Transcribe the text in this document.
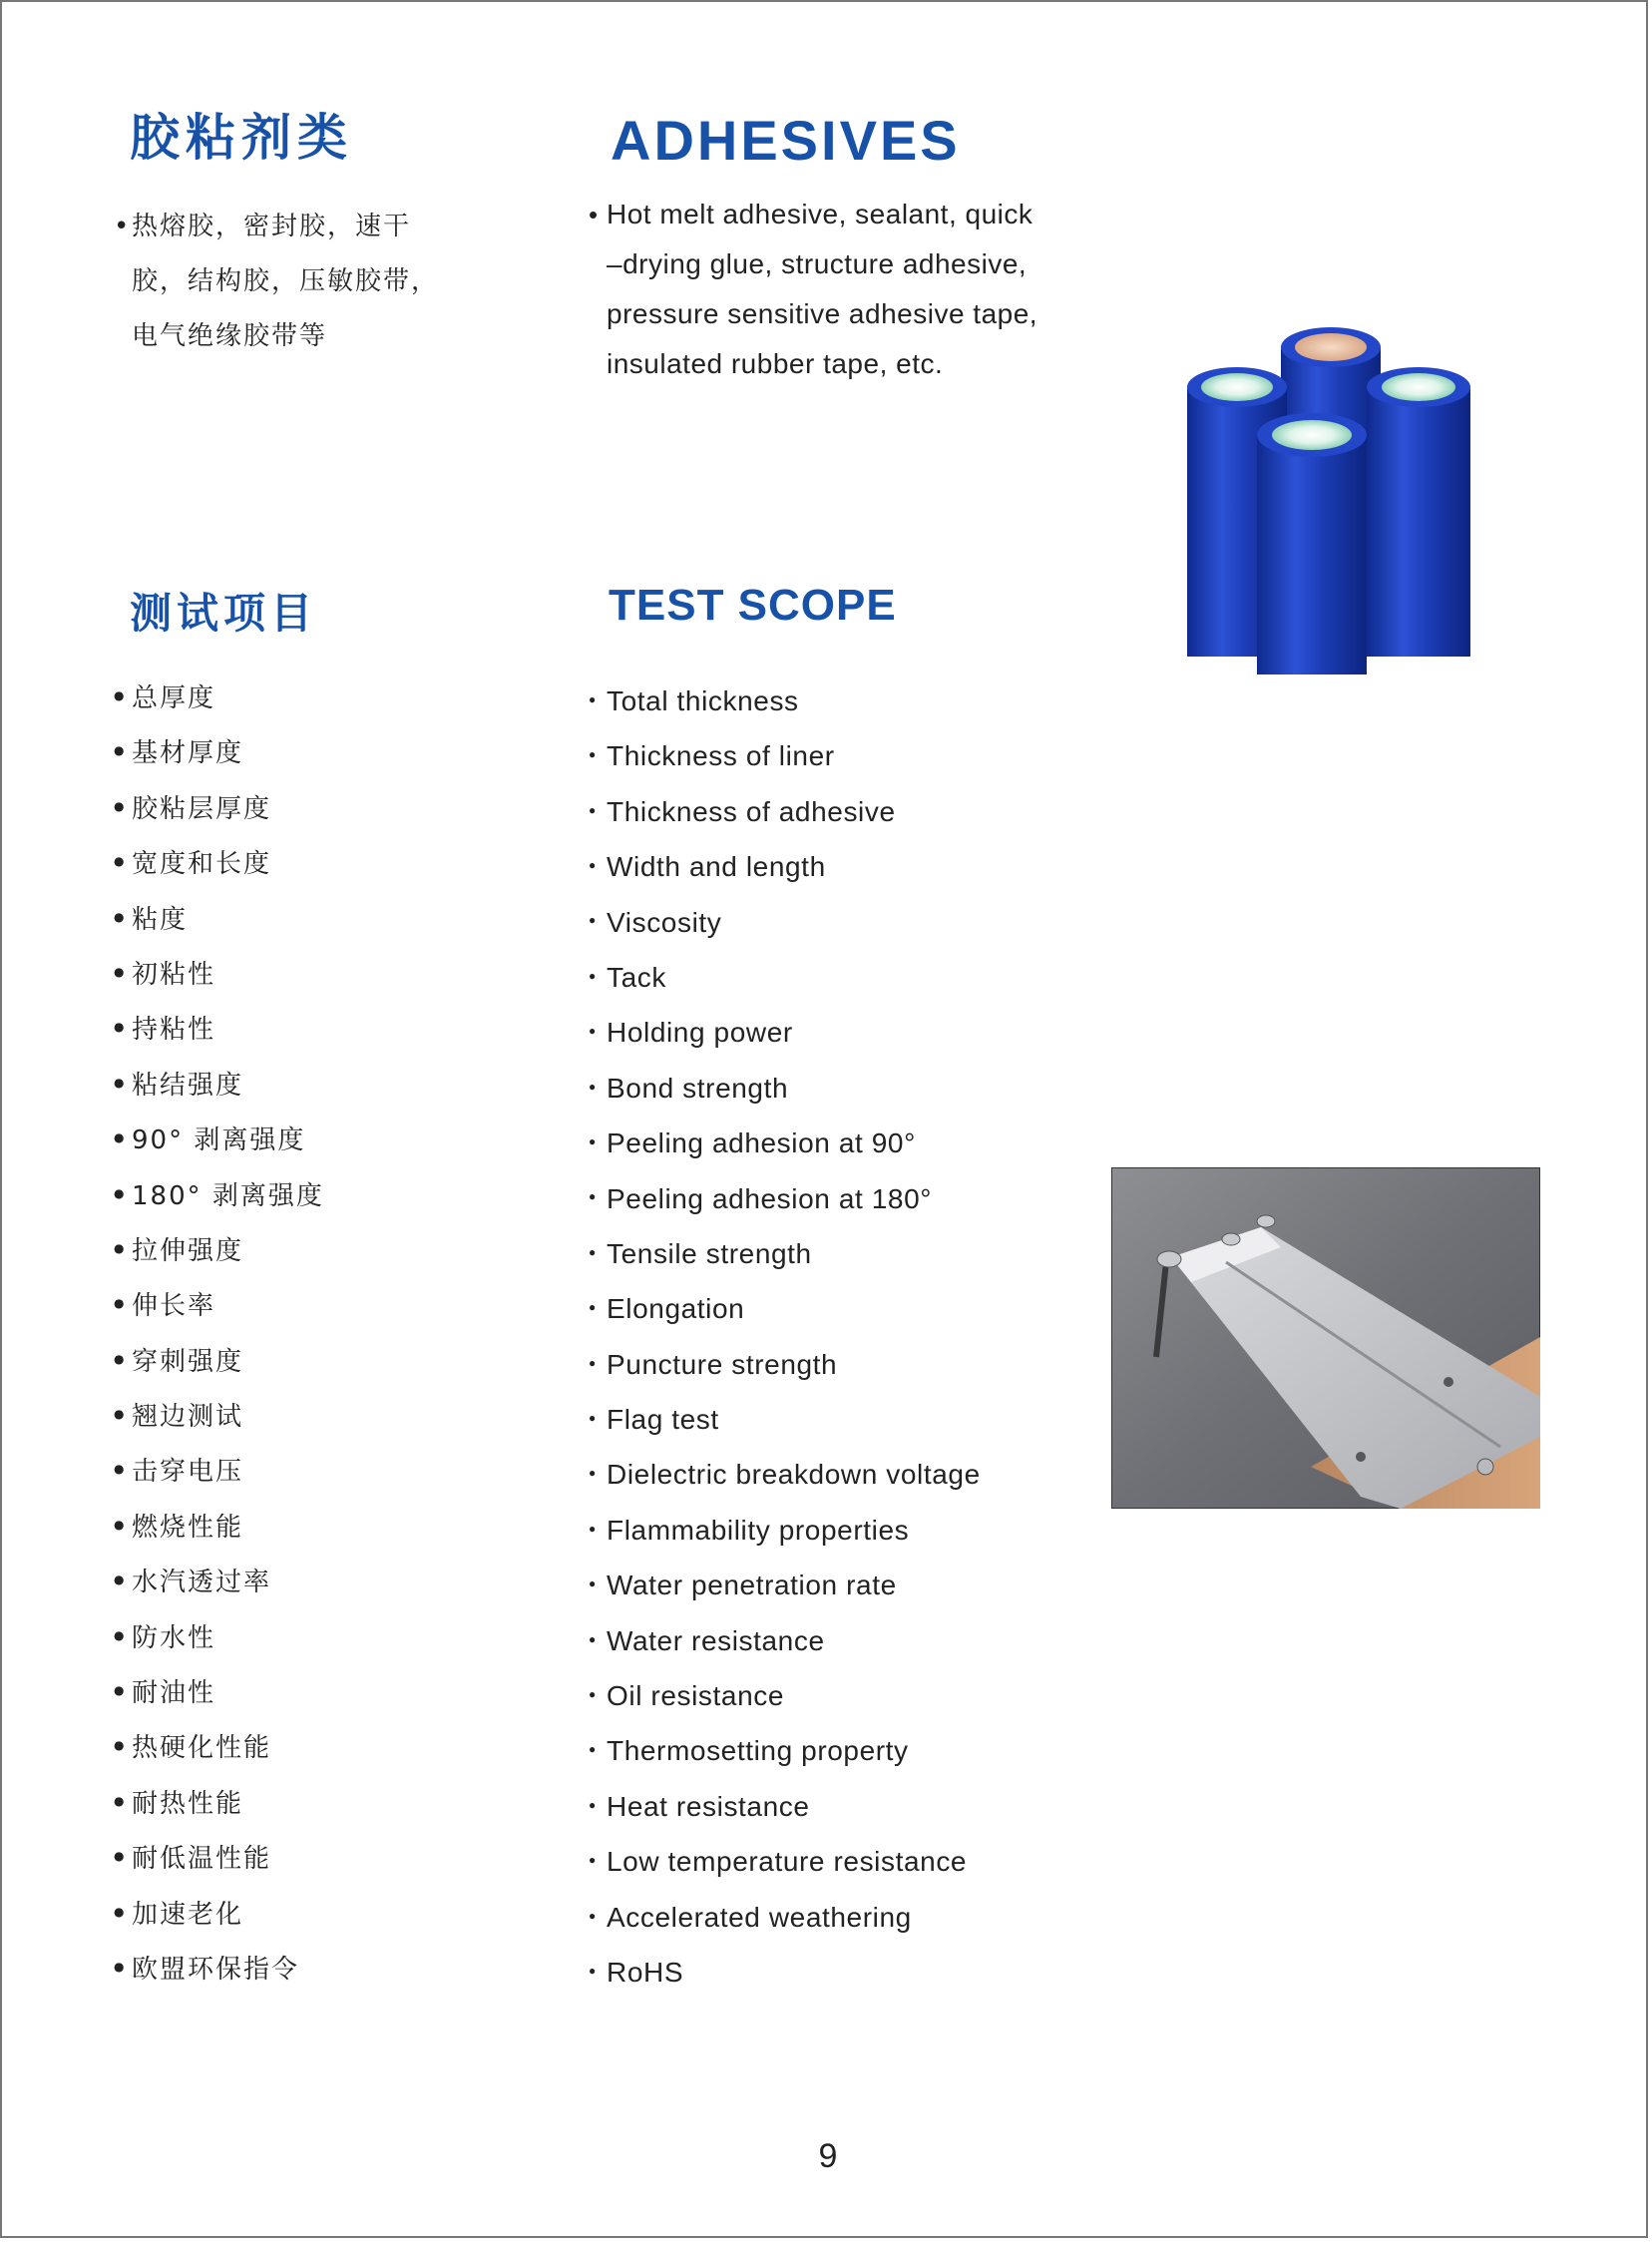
胶粘剂类	ADHESIVES
•热熔胶，密封胶，速干
胶，结构胶，压敏胶带，
电气绝缘胶带等
• Hot melt adhesive, sealant, quick
–drying glue, structure adhesive,
pressure sensitive adhesive tape,
insulated rubber tape, etc.
测试项目	TEST SCOPE
● 总厚度
● 基材厚度
● 胶粘层厚度
● 宽度和长度
● 粘度
● 初粘性
● 持粘性
● 粘结强度
● 90° 剥离强度
● 180° 剥离强度
● 拉伸强度
● 伸长率
● 穿刺强度
● 翘边测试
● 击穿电压
● 燃烧性能
● 水汽透过率
● 防水性
● 耐油性
● 热硬化性能
● 耐热性能
● 耐低温性能
● 加速老化
● 欧盟环保指令
● Total thickness
● Thickness of liner
● Thickness of adhesive
● Width and length
● Viscosity
● Tack
● Holding power
● Bond strength
● Peeling adhesion at 90°
● Peeling adhesion at 180°
● Tensile strength
● Elongation
● Puncture strength
● Flag test
● Dielectric breakdown voltage
● Flammability properties
● Water penetration rate
● Water resistance
● Oil resistance
● Thermosetting property
● Heat resistance
● Low temperature resistance
● Accelerated weathering
● RoHS
9
